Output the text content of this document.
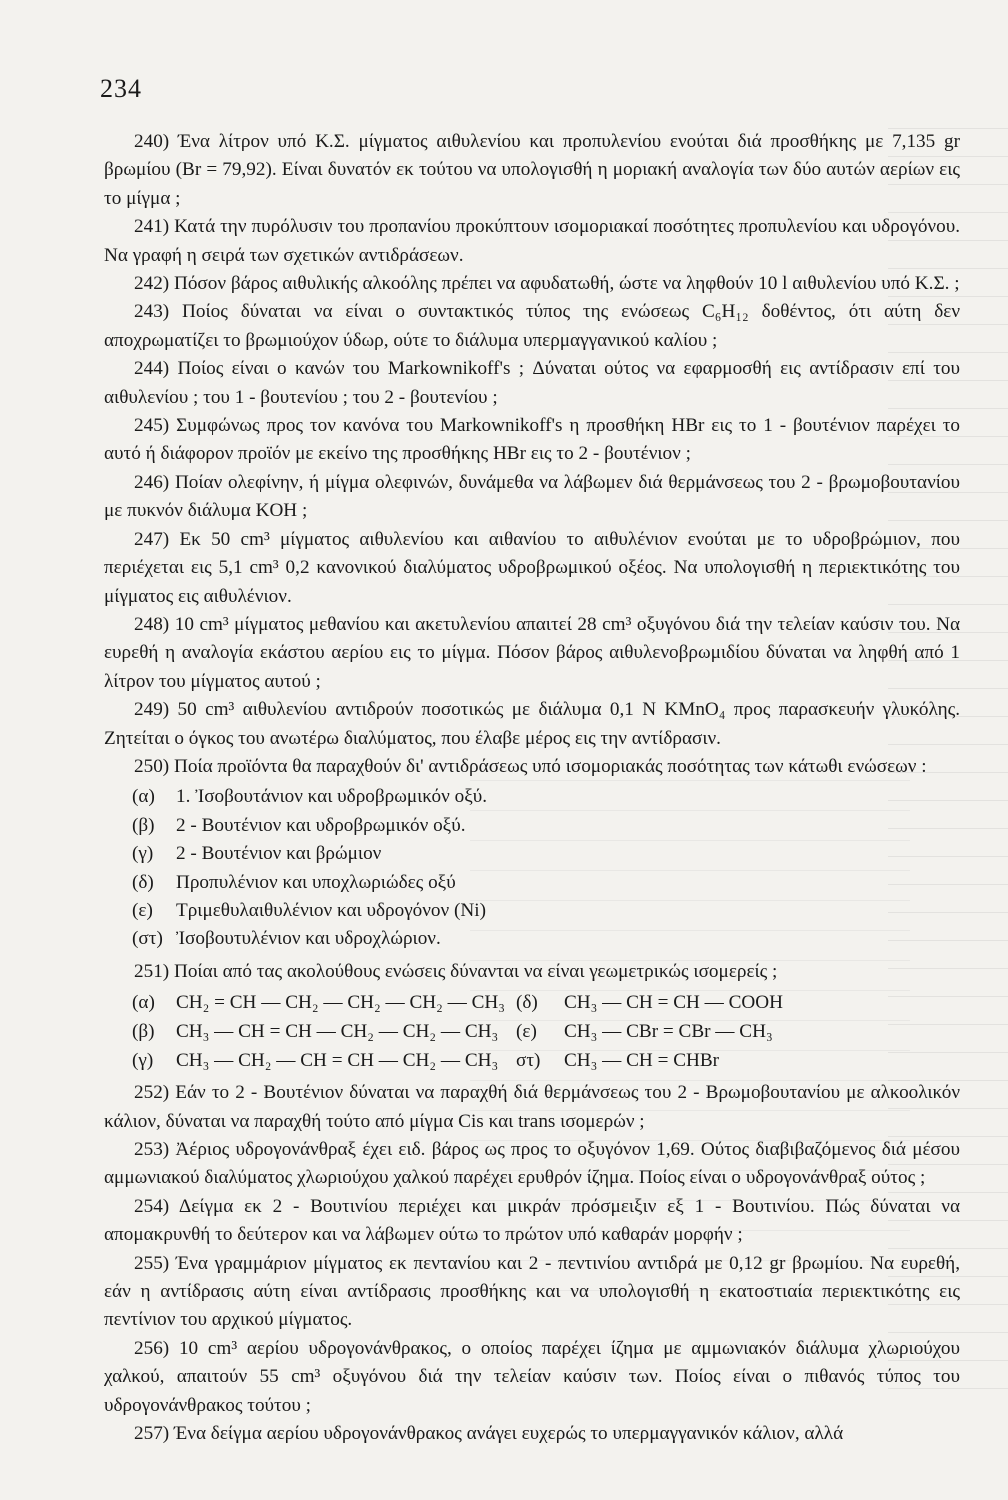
234

240) Ένα λίτρον υπό Κ.Σ. μίγματος αιθυλενίου και προπυλενίου ενούται διά προσθήκης με 7,135 gr βρωμίου (Br = 79,92). Είναι δυνατόν εκ τούτου να υπολογισθή η μοριακή αναλογία των δύο αυτών αερίων εις το μίγμα ;

241) Κατά την πυρόλυσιν του προπανίου προκύπτουν ισομοριακαί ποσότητες προπυλενίου και υδρογόνου. Να γραφή η σειρά των σχετικών αντιδράσεων.

242) Πόσον βάρος αιθυλικής αλκοόλης πρέπει να αφυδατωθή, ώστε να ληφθούν 10 l αιθυλενίου υπό Κ.Σ. ;

243) Ποίος δύναται να είναι ο συντακτικός τύπος της ενώσεως C₆H₁₂ δοθέντος, ότι αύτη δεν αποχρωματίζει το βρωμιούχον ύδωρ, ούτε το διάλυμα υπερμαγγανικού καλίου ;

244) Ποίος είναι ο κανών του Markownikoff's ; Δύναται ούτος να εφαρμοσθή εις αντίδρασιν επί του αιθυλενίου ; του 1 - βουτενίου ; του 2 - βουτενίου ;

245) Συμφώνως προς τον κανόνα του Markownikoff's η προσθήκη HBr εις το 1 - βουτένιον παρέχει το αυτό ή διάφορον προϊόν με εκείνο της προσθήκης HBr εις το 2 - βουτένιον ;

246) Ποίαν ολεφίνην, ή μίγμα ολεφινών, δυνάμεθα να λάβωμεν διά θερμάνσεως του 2 - βρωμοβουτανίου με πυκνόν διάλυμα KOH ;

247) Εκ 50 cm³ μίγματος αιθυλενίου και αιθανίου το αιθυλένιον ενούται με το υδροβρώμιον, που περιέχεται εις 5,1 cm³ 0,2 κανονικού διαλύματος υδροβρωμικού οξέος. Να υπολογισθή η περιεκτικότης του μίγματος εις αιθυλένιον.

248) 10 cm³ μίγματος μεθανίου και ακετυλενίου απαιτεί 28 cm³ οξυγόνου διά την τελείαν καύσιν του. Να ευρεθή η αναλογία εκάστου αερίου εις το μίγμα. Πόσον βάρος αιθυλενοβρωμιδίου δύναται να ληφθή από 1 λίτρον του μίγματος αυτού ;

249) 50 cm³ αιθυλενίου αντιδρούν ποσοτικώς με διάλυμα 0,1 N KMnO₄ προς παρασκευήν γλυκόλης. Ζητείται ο όγκος του ανωτέρω διαλύματος, που έλαβε μέρος εις την αντίδρασιν.

250) Ποία προϊόντα θα παραχθούν δι' αντιδράσεως υπό ισομοριακάς ποσότητας των κάτωθι ενώσεων :

(α)	1. Ἰσοβουτάνιον και υδροβρωμικόν οξύ.
(β)	2 - Βουτένιον και υδροβρωμικόν οξύ.
(γ)	2 - Βουτένιον και βρώμιον
(δ)	Προπυλένιον και υποχλωριώδες οξύ
(ε)	Τριμεθυλαιθυλένιον και υδρογόνον (Ni)
(στ) Ἰσοβουτυλένιον και υδροχλώριον.

251) Ποίαι από τας ακολούθους ενώσεις δύνανται να είναι γεωμετρικώς ισομερείς ;

(α)	CH₂ = CH — CH₂ — CH₂ — CH₂ — CH₃ (δ)	CH₃ — CH = CH — COOH
(β)	CH₃ — CH = CH — CH₂ — CH₂ — CH₃ (ε)	CH₃ — CBr = CBr — CH₃
(γ)	CH₃ — CH₂ — CH = CH — CH₂ — CH₃ στ)	CH₃ — CH = CHBr

252) Εάν το 2 - Βουτένιον δύναται να παραχθή διά θερμάνσεως του 2 - Βρωμοβουτανίου με αλκοολικόν κάλιον, δύναται να παραχθή τούτο από μίγμα Cis και trans ισομερών ;

253) Ἀέριος υδρογονάνθραξ έχει ειδ. βάρος ως προς το οξυγόνον 1,69. Ούτος διαβιβαζόμενος διά μέσου αμμωνιακού διαλύματος χλωριούχου χαλκού παρέχει ερυθρόν ίζημα. Ποίος είναι ο υδρογονάνθραξ ούτος ;

254) Δείγμα εκ 2 - Βουτινίου περιέχει και μικράν πρόσμειξιν εξ 1 - Βουτινίου. Πώς δύναται να απομακρυνθή το δεύτερον και να λάβωμεν ούτω το πρώτον υπό καθαράν μορφήν ;

255) Ένα γραμμάριον μίγματος εκ πεντανίου και 2 - πεντινίου αντιδρά με 0,12 gr βρωμίου. Να ευρεθή, εάν η αντίδρασις αύτη είναι αντίδρασις προσθήκης και να υπολογισθή η εκατοστιαία περιεκτικότης εις πεντίνιον του αρχικού μίγματος.

256) 10 cm³ αερίου υδρογονάνθρακος, ο οποίος παρέχει ίζημα με αμμωνιακόν διάλυμα χλωριούχου χαλκού, απαιτούν 55 cm³ οξυγόνου διά την τελείαν καύσιν των. Ποίος είναι ο πιθανός τύπος του υδρογονάνθρακος τούτου ;

257) Ένα δείγμα αερίου υδρογονάνθρακος ανάγει ευχερώς το υπερμαγγανικόν κάλιον, αλλά
